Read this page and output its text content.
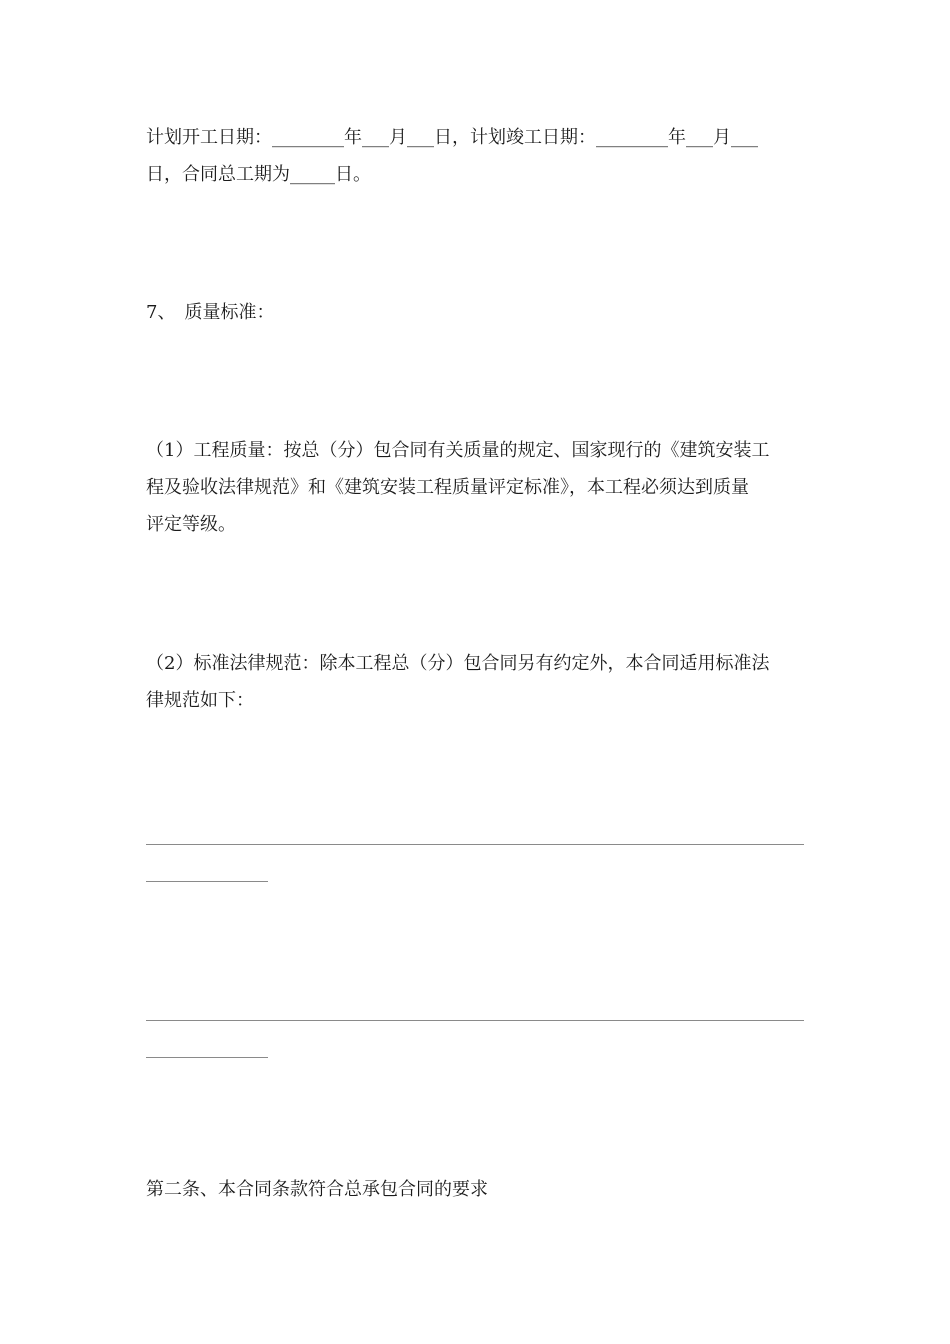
计划开工日期：________年___月___日，计划竣工日期：________年___月___

日，合同总工期为_____日。

7、　质量标准：

（1）工程质量：按总（分）包合同有关质量的规定、国家现行的《建筑安装工

程及验收法律规范》和《建筑安装工程质量评定标准》，本工程必须达到质量

评定等级。

（2）标准法律规范：除本工程总（分）包合同另有约定外，本合同适用标准法

律规范如下：

第二条、本合同条款符合总承包合同的要求
